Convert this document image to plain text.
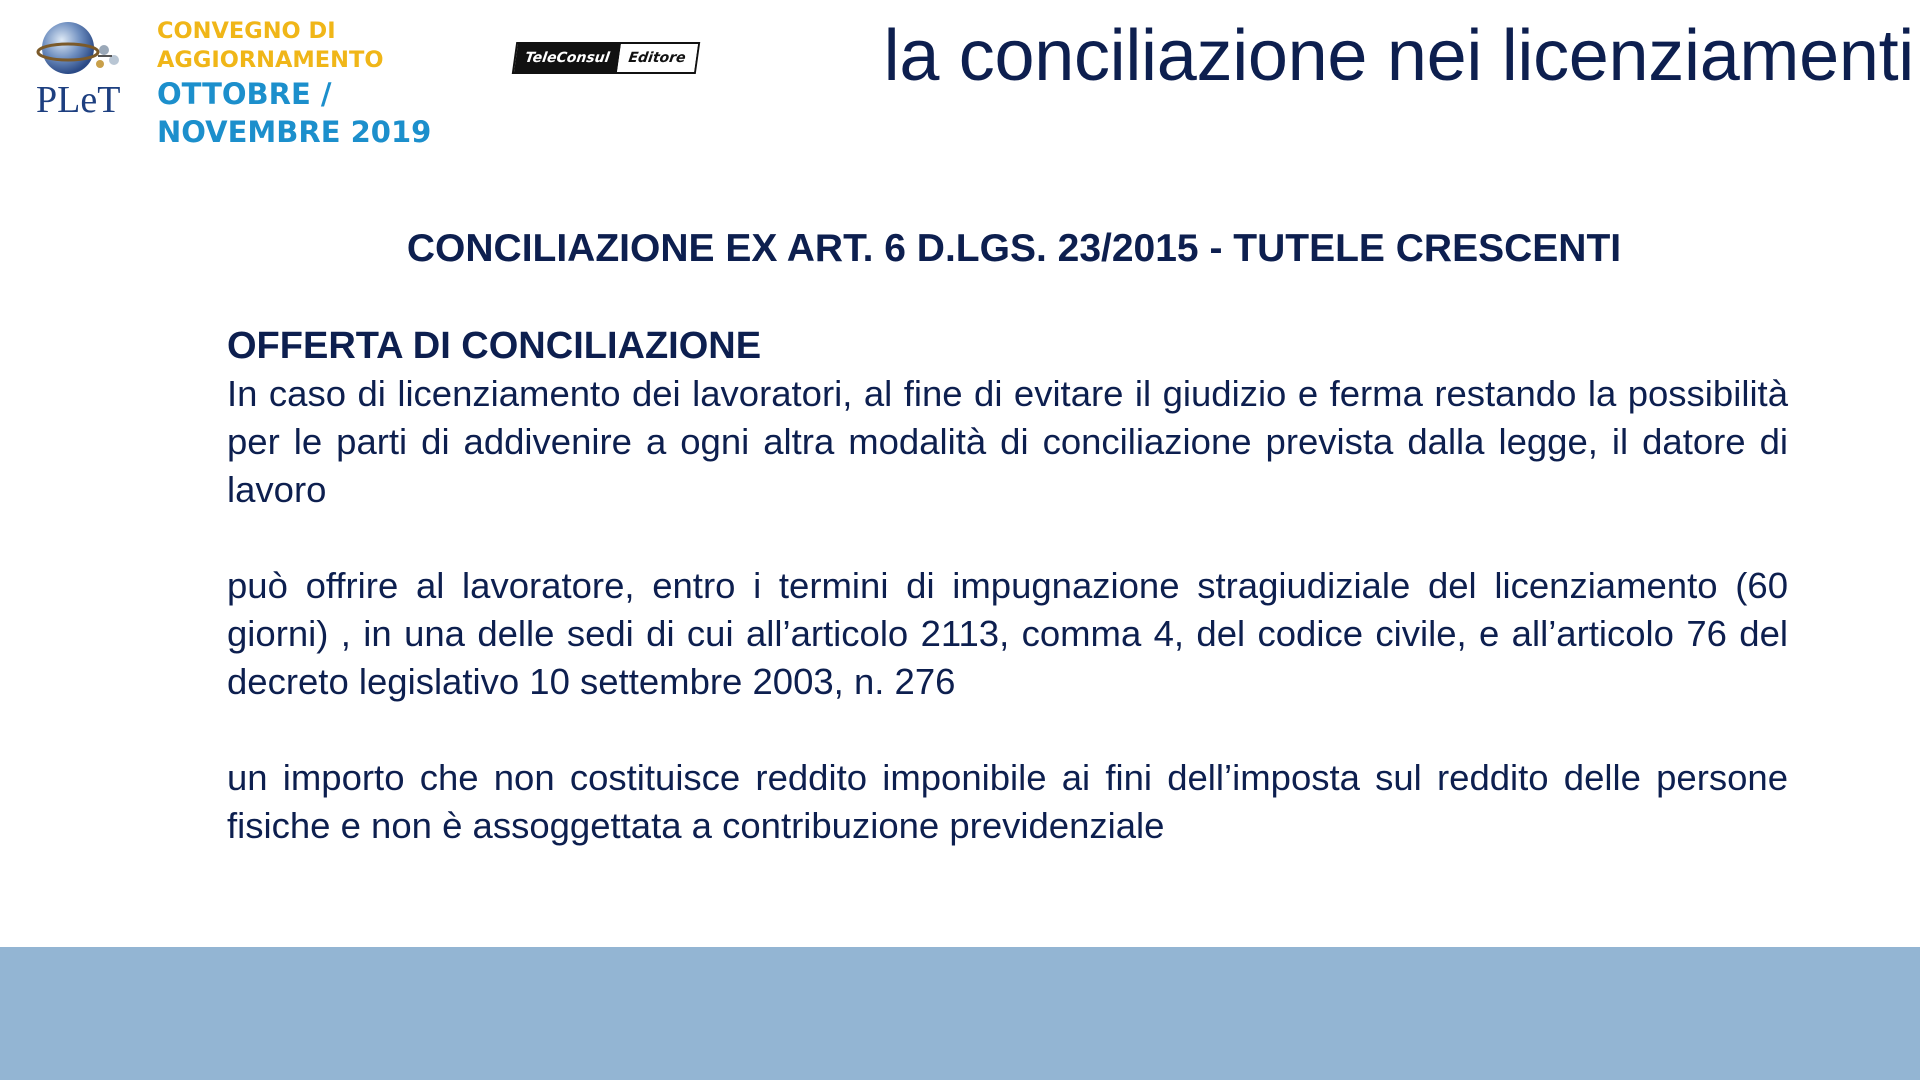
PLeT
CONVEGNO DI
AGGIORNAMENTO
OTTOBRE /
NOVEMBRE 2019
TeleConsul	Editore	la conciliazione nei licenziamenti
CONCILIAZIONE EX ART. 6 D.LGS. 23/2015 - TUTELE CRESCENTI
OFFERTA DI CONCILIAZIONE

In caso di licenziamento dei lavoratori, al fine di evitare il giudizio e ferma restando la possibilità per le parti di addivenire a ogni altra modalità di conciliazione prevista dalla legge, il datore di lavoro

può offrire al lavoratore, entro i termini di impugnazione stragiudiziale del licenziamento (60 giorni) , in una delle sedi di cui all’articolo 2113, comma 4, del codice civile, e all’articolo 76 del decreto legislativo 10 settembre 2003, n. 276

un importo che non costituisce reddito imponibile ai fini dell’imposta sul reddito delle persone fisiche e non è assoggettata a contribuzione previdenziale
